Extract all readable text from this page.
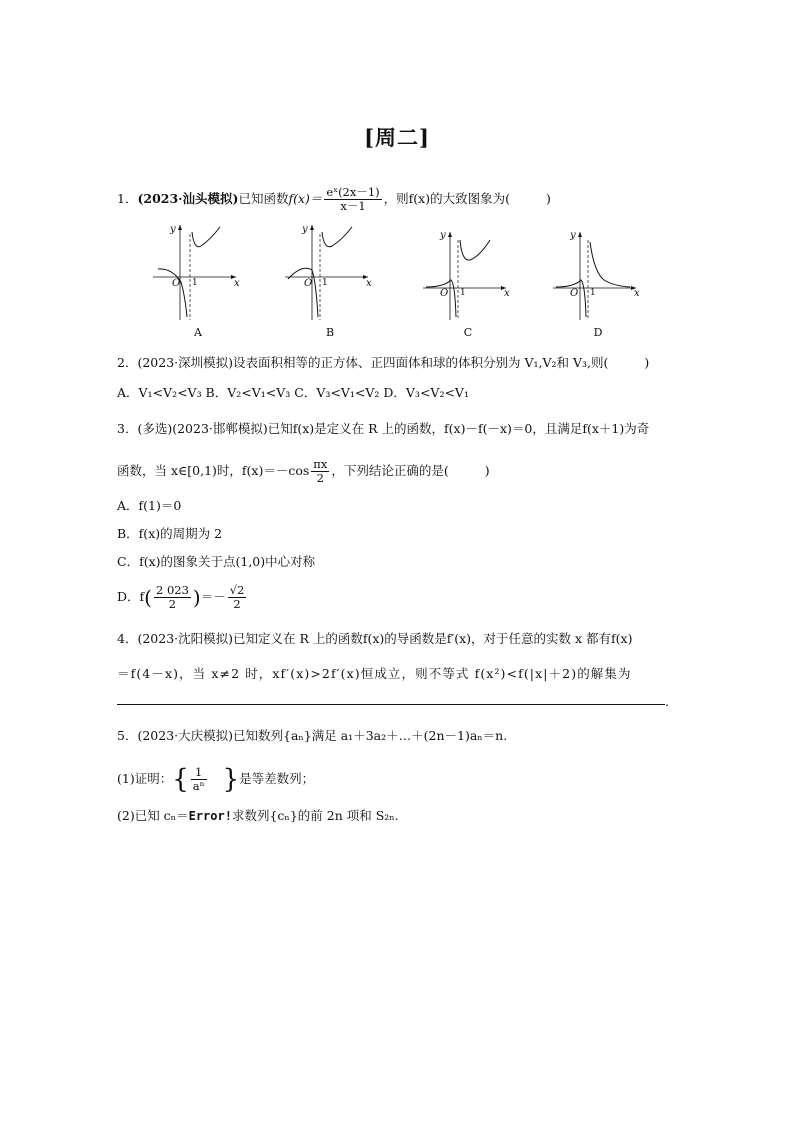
[周二]
1．(2023·汕头模拟)已知函数$f(x)= \frac{\text{eˣ(2x－1)}}{x-1}$ ，则f(x)的大致图象为(	)
y
x
O 1
A
y
x
O 1
B
y
x
O 1
C
y
x
O 1
D
2．(2023·深圳模拟)设表面积相等的正方体、正四面体和球的体积分别为 V₁,V₂和 V₃,则(	)
A．V₁<V₂<V₃ B．V₂<V₁<V₃ C．V₃<V₁<V₂ D．V₃<V₂<V₁
3．(多选)(2023·邯郸模拟)已知f(x)是定义在 R 上的函数，f(x)－f(－x)＝0，且满足f(x＋1)为奇
函数，当 x∈[0,1)时，$f(x)=-\cos \frac{\pi x}{2}$ ，下列结论正确的是(	)
A．f(1)＝0
B．f(x)的周期为 2
C．f(x)的图象关于点(1,0)中心对称
D．$f( \frac{2 023}{2}$ )＝－ $\frac{√2}{2}$
4．(2023·沈阳模拟)已知定义在 R 上的函数f(x)的导函数是f′(x)，对于任意的实数 x 都有f(x)
＝f(4－x)，当 x≠2 时，xf′(x)>2f′(x)恒成立，则不等式 f(x²)<f(|x|＋2)的解集为
.
5．(2023·大庆模拟)已知数列{aₙ}满足 a₁＋3a₂＋…＋(2n－1)aₙ＝n.
(1)证明：{ $\frac{1}{\text{aⁿ}}$ }是等差数列；
(2)已知 cₙ＝Error!求数列{cₙ}的前 2n 项和 S₂ₙ.
